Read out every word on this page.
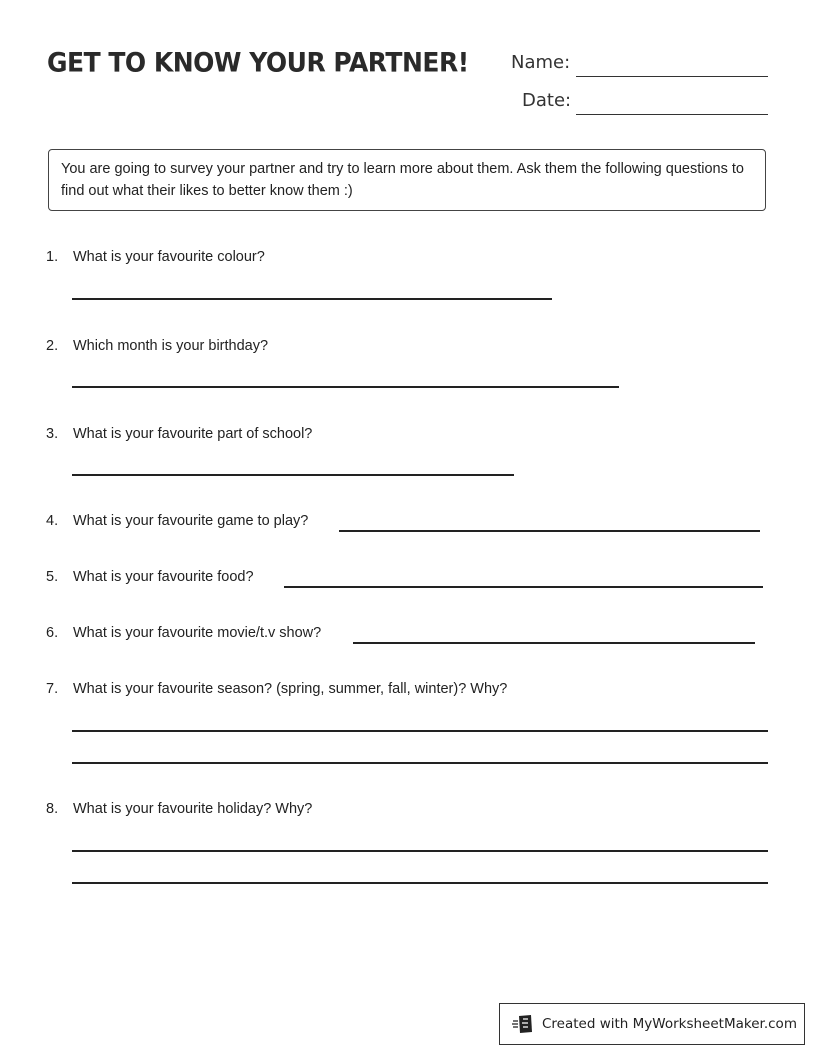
GET TO KNOW YOUR PARTNER! Name:
Date:
You are going to survey your partner and try to learn more about them. Ask them the following questions to find out what their likes to better know them :)
1. What is your favourite colour?
2. Which month is your birthday?
3. What is your favourite part of school?
4. What is your favourite game to play?
5. What is your favourite food?
6. What is your favourite movie/t.v show?
7. What is your favourite season? (spring, summer, fall, winter)? Why?
8. What is your favourite holiday? Why?
Created with MyWorksheetMaker.com
